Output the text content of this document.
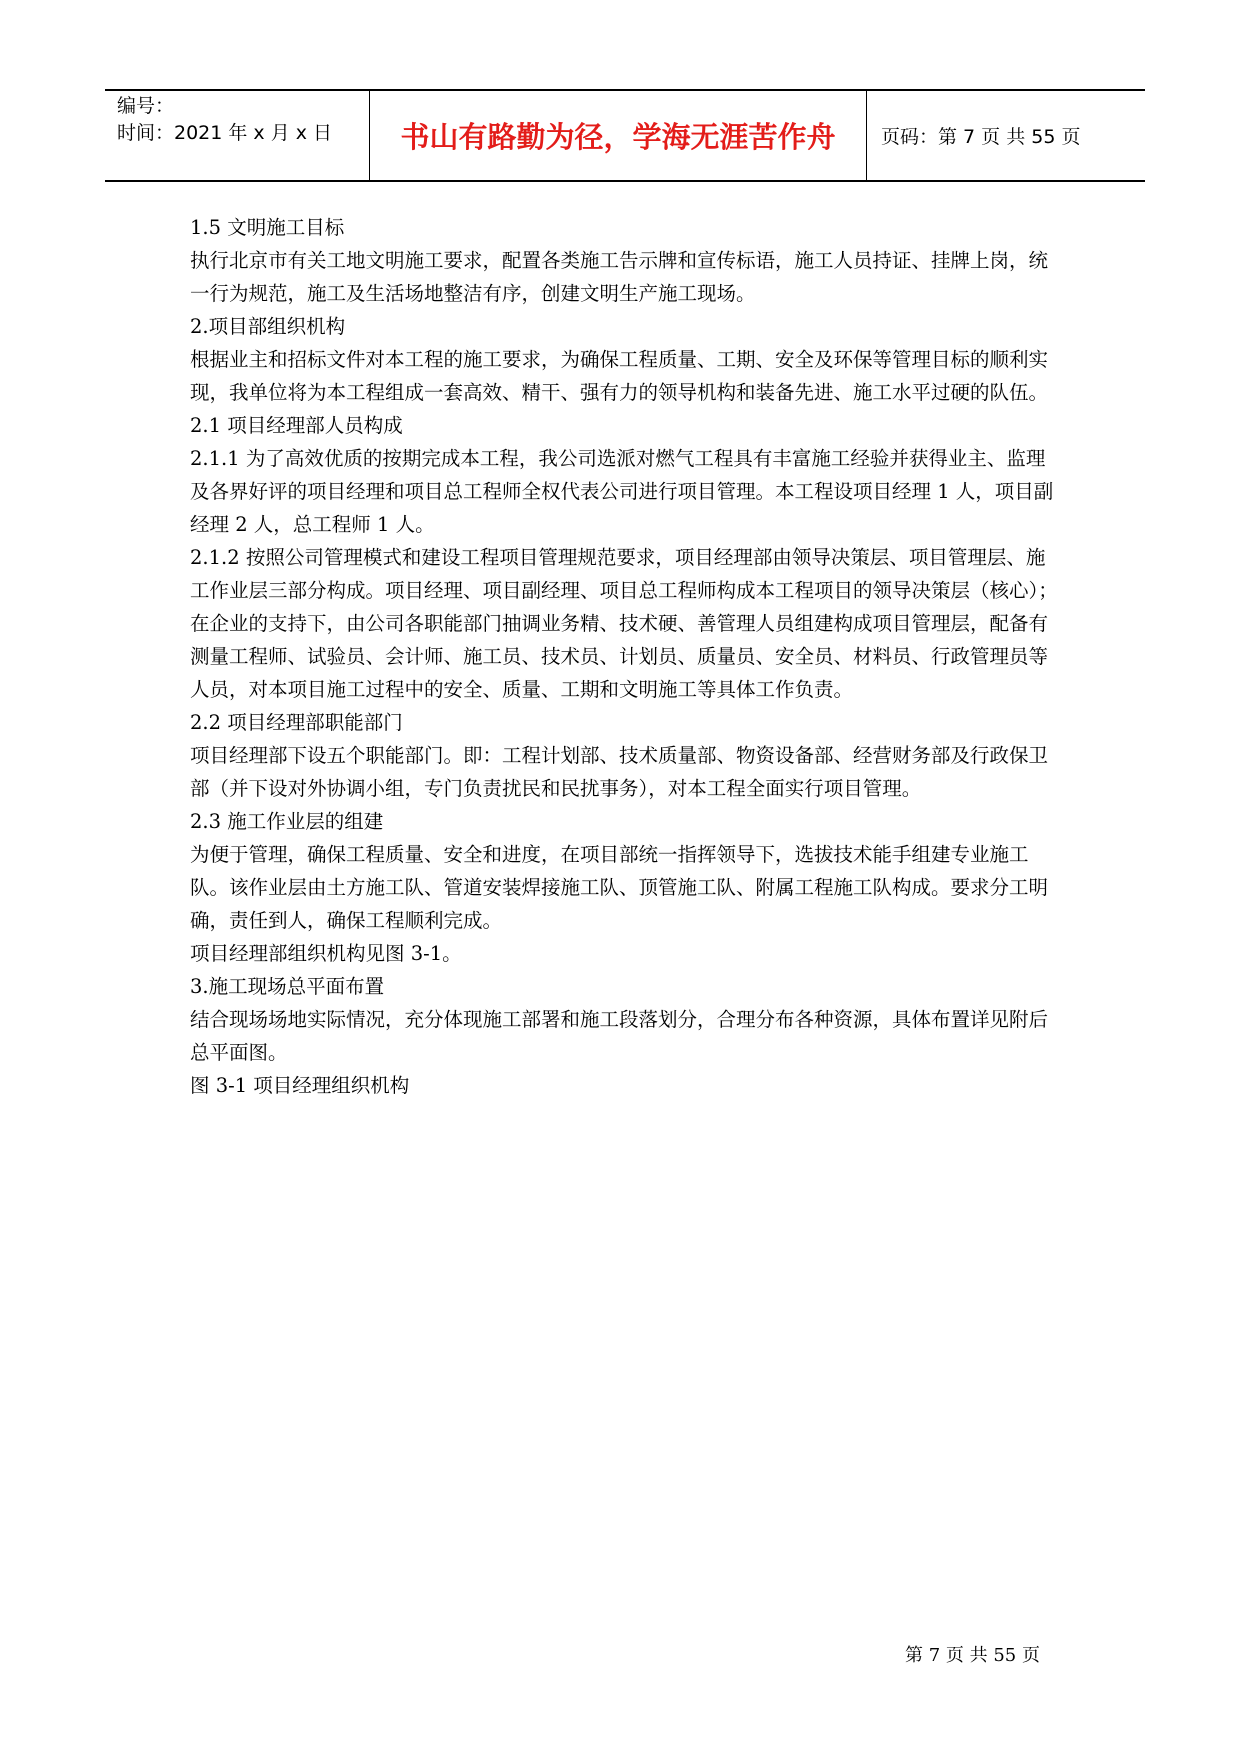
编号：
时间：2021 年 x 月 x 日	书山有路勤为径，学海无涯苦作舟	页码：第 7 页 共 55 页

1.5 文明施工目标

执行北京市有关工地文明施工要求，配置各类施工告示牌和宣传标语，施工人员持证、挂牌上岗，统一行为规范，施工及生活场地整洁有序，创建文明生产施工现场。

2.项目部组织机构

根据业主和招标文件对本工程的施工要求，为确保工程质量、工期、安全及环保等管理目标的顺利实现，我单位将为本工程组成一套高效、精干、强有力的领导机构和装备先进、施工水平过硬的队伍。

2.1 项目经理部人员构成

2.1.1 为了高效优质的按期完成本工程，我公司选派对燃气工程具有丰富施工经验并获得业主、监理及各界好评的项目经理和项目总工程师全权代表公司进行项目管理。本工程设项目经理 1 人，项目副经理 2 人，总工程师 1 人。

2.1.2 按照公司管理模式和建设工程项目管理规范要求，项目经理部由领导决策层、项目管理层、施工作业层三部分构成。项目经理、项目副经理、项目总工程师构成本工程项目的领导决策层（核心）；在企业的支持下，由公司各职能部门抽调业务精、技术硬、善管理人员组建构成项目管理层，配备有测量工程师、试验员、会计师、施工员、技术员、计划员、质量员、安全员、材料员、行政管理员等人员，对本项目施工过程中的安全、质量、工期和文明施工等具体工作负责。

2.2 项目经理部职能部门

项目经理部下设五个职能部门。即：工程计划部、技术质量部、物资设备部、经营财务部及行政保卫部（并下设对外协调小组，专门负责扰民和民扰事务），对本工程全面实行项目管理。

2.3 施工作业层的组建

为便于管理，确保工程质量、安全和进度，在项目部统一指挥领导下，选拔技术能手组建专业施工队。该作业层由土方施工队、管道安装焊接施工队、顶管施工队、附属工程施工队构成。要求分工明确，责任到人，确保工程顺利完成。

项目经理部组织机构见图 3-1。

3.施工现场总平面布置

结合现场场地实际情况，充分体现施工部署和施工段落划分，合理分布各种资源，具体布置详见附后总平面图。

图 3-1 项目经理组织机构

第 7 页 共 55 页
